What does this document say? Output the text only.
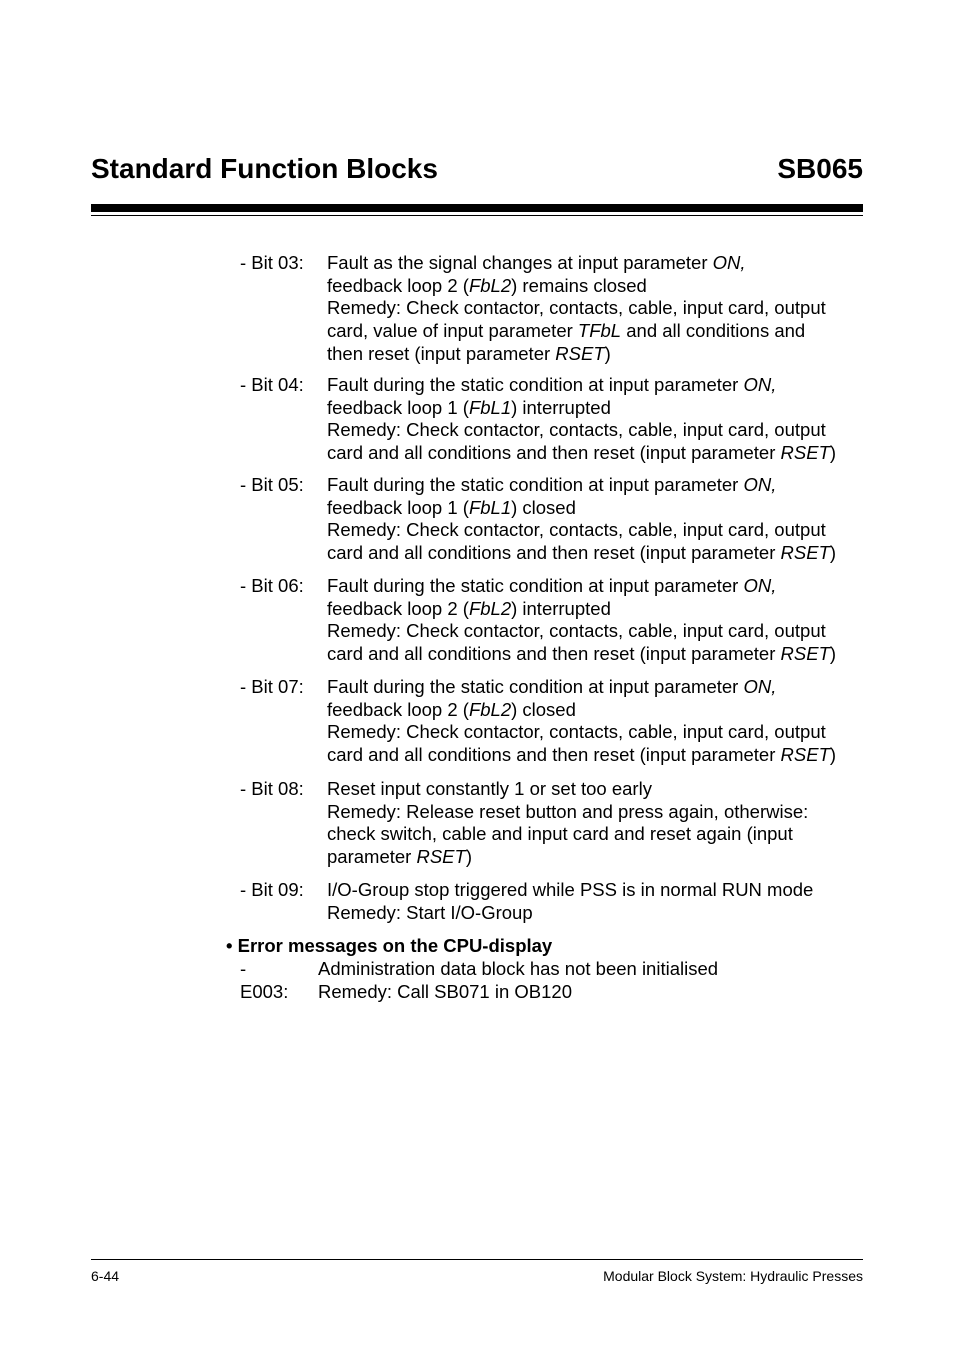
Standard Function Blocks	SB065
- Bit 03: Fault as the signal changes at input parameter ON,
feedback loop 2 (FbL2) remains closed
Remedy: Check contactor, contacts, cable, input card, output
card, value of input parameter TFbL and all conditions and
then reset (input parameter RSET)
- Bit 04: Fault during the static condition at input parameter ON,
feedback loop 1 (FbL1) interrupted
Remedy: Check contactor, contacts, cable, input card, output
card and all conditions and then reset (input parameter RSET)
- Bit 05: Fault during the static condition at input parameter ON,
feedback loop 1 (FbL1) closed
Remedy: Check contactor, contacts, cable, input card, output
card and all conditions and then reset (input parameter RSET)
- Bit 06: Fault during the static condition at input parameter ON,
feedback loop 2 (FbL2) interrupted
Remedy: Check contactor, contacts, cable, input card, output
card and all conditions and then reset (input parameter RSET)
- Bit 07: Fault during the static condition at input parameter ON,
feedback loop 2 (FbL2) closed
Remedy: Check contactor, contacts, cable, input card, output
card and all conditions and then reset (input parameter RSET)
- Bit 08: Reset input constantly 1 or set too early
Remedy: Release reset button and press again, otherwise:
check switch, cable and input card and reset again (input
parameter RSET)
- Bit 09: I/O-Group stop triggered while PSS is in normal RUN mode
Remedy: Start I/O-Group
• Error messages on the CPU-display
- E003:
Administration data block has not been initialised
Remedy: Call SB071 in OB120
6-44	Modular Block System: Hydraulic Presses
